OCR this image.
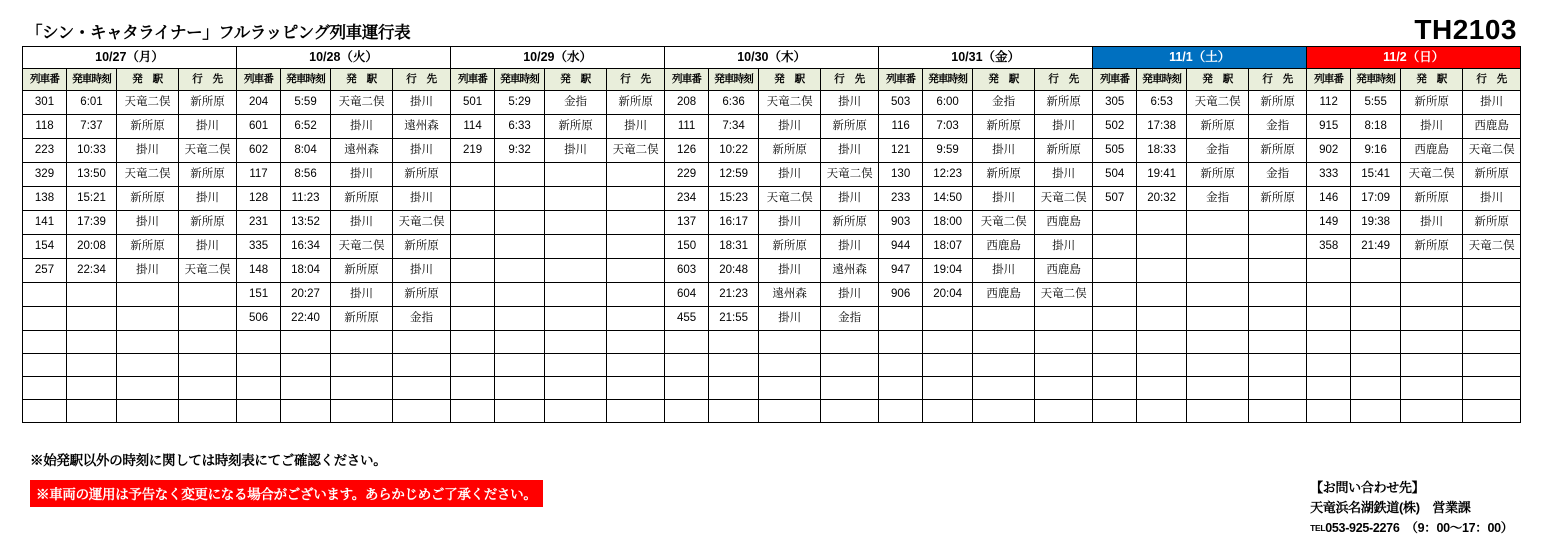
「シン・キャタライナー」フルラッピング列車運行表	TH2103
10/27（月）				10/28（火）				10/29（水）				10/30（木）				10/31（金）				11/1（土）				11/2（日）			
列車番	発車時刻	発　駅	行　先	列車番	発車時刻	発　駅	行　先	列車番	発車時刻	発　駅	行　先	列車番	発車時刻	発　駅	行　先	列車番	発車時刻	発　駅	行　先	列車番	発車時刻	発　駅	行　先	列車番	発車時刻	発　駅	行　先
301	6:01	天竜二俣	新所原	204	5:59	天竜二俣	掛川	501	5:29	金指	新所原	208	6:36	天竜二俣	掛川	503	6:00	金指	新所原	305	6:53	天竜二俣	新所原	112	5:55	新所原	掛川
118	7:37	新所原	掛川	601	6:52	掛川	遠州森	114	6:33	新所原	掛川	111	7:34	掛川	新所原	116	7:03	新所原	掛川	502	17:38	新所原	金指	915	8:18	掛川	西鹿島
223	10:33	掛川	天竜二俣	602	8:04	遠州森	掛川	219	9:32	掛川	天竜二俣	126	10:22	新所原	掛川	121	9:59	掛川	新所原	505	18:33	金指	新所原	902	9:16	西鹿島	天竜二俣
329	13:50	天竜二俣	新所原	117	8:56	掛川	新所原					229	12:59	掛川	天竜二俣	130	12:23	新所原	掛川	504	19:41	新所原	金指	333	15:41	天竜二俣	新所原
138	15:21	新所原	掛川	128	11:23	新所原	掛川					234	15:23	天竜二俣	掛川	233	14:50	掛川	天竜二俣	507	20:32	金指	新所原	146	17:09	新所原	掛川
141	17:39	掛川	新所原	231	13:52	掛川	天竜二俣					137	16:17	掛川	新所原	903	18:00	天竜二俣	西鹿島					149	19:38	掛川	新所原
154	20:08	新所原	掛川	335	16:34	天竜二俣	新所原					150	18:31	新所原	掛川	944	18:07	西鹿島	掛川					358	21:49	新所原	天竜二俣
257	22:34	掛川	天竜二俣	148	18:04	新所原	掛川					603	20:48	掛川	遠州森	947	19:04	掛川	西鹿島								
				151	20:27	掛川	新所原					604	21:23	遠州森	掛川	906	20:04	西鹿島	天竜二俣								
				506	22:40	新所原	金指					455	21:55	掛川	金指												

※始発駅以外の時刻に関しては時刻表にてご確認ください。
※車両の運用は予告なく変更になる場合がございます。あらかじめご了承ください。	【お問い合わせ先】
天竜浜名湖鉄道(株)　営業課
TEL053-925-2276　（9：00～17：00）
